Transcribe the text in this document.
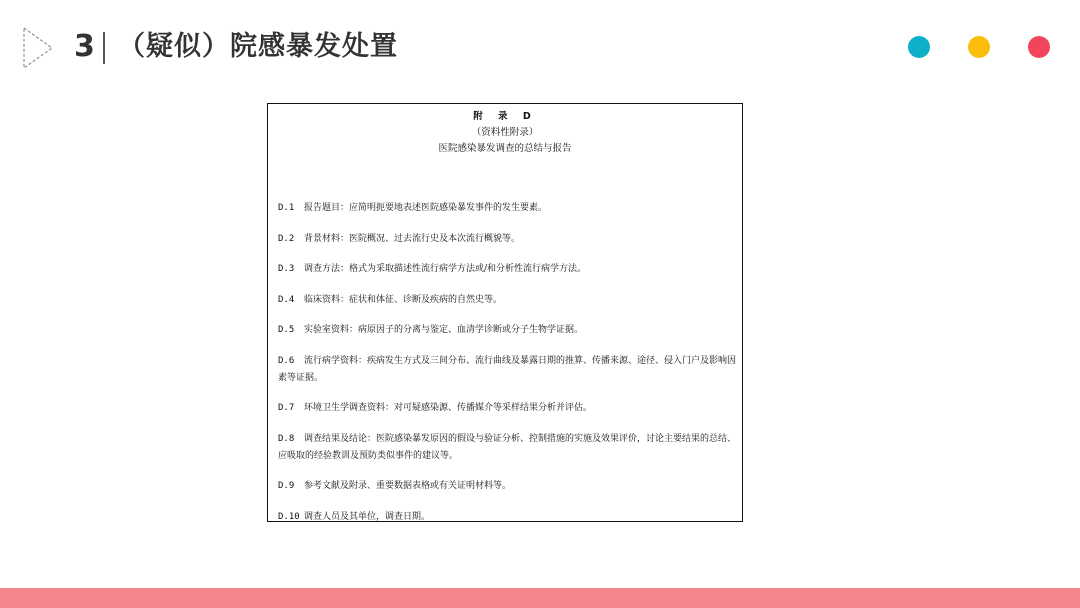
3 （疑似）院感暴发处置
附 录 D
（资料性附录）
医院感染暴发调查的总结与报告
D.1 报告题目：应简明扼要地表述医院感染暴发事件的发生要素。
D.2 背景材料：医院概况、过去流行史及本次流行概貌等。
D.3 调查方法：格式为采取描述性流行病学方法或/和分析性流行病学方法。
D.4 临床资料：症状和体征、诊断及疾病的自然史等。
D.5 实验室资料：病原因子的分离与鉴定、血清学诊断或分子生物学证据。
D.6 流行病学资料：疾病发生方式及三间分布、流行曲线及暴露日期的推算、传播来源、途径、侵入门户及影响因素等证据。
D.7 环境卫生学调查资料：对可疑感染源、传播媒介等采样结果分析并评估。
D.8 调查结果及结论：医院感染暴发原因的假设与验证分析、控制措施的实施及效果评价，讨论主要结果的总结、应吸取的经验教训及预防类似事件的建议等。
D.9 参考文献及附录、重要数据表格或有关证明材料等。
D.10 调查人员及其单位，调查日期。
